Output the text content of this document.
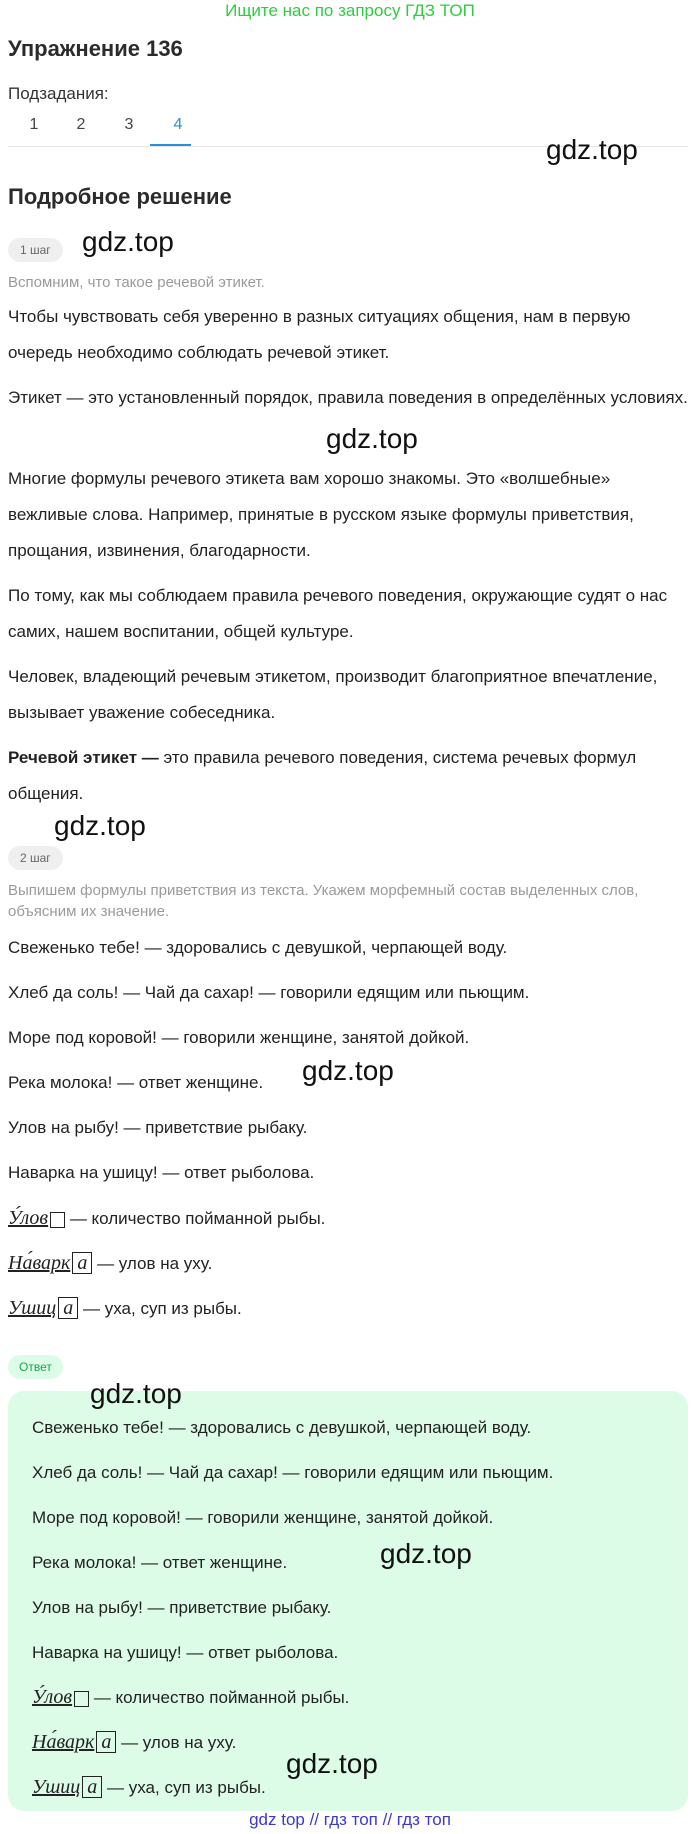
Ищите нас по запросу ГДЗ ТОП
Упражнение 136
Подзадания:
1	2	3	4
gdz.top
Подробное решение
1 шаг	gdz.top
Вспомним, что такое речевой этикет.
Чтобы чувствовать себя уверенно в разных ситуациях общения, нам в первую очередь необходимо соблюдать речевой этикет.
Этикет — это установленный порядок, правила поведения в определённых условиях.
gdz.top
Многие формулы речевого этикета вам хорошо знакомы. Это «волшебные» вежливые слова. Например, принятые в русском языке формулы приветствия, прощания, извинения, благодарности.
По тому, как мы соблюдаем правила речевого поведения, окружающие судят о нас самих, нашем воспитании, общей культуре.
Человек, владеющий речевым этикетом, производит благоприятное впечатление, вызывает уважение собеседника.
Речевой этикет — это правила речевого поведения, система речевых формул общения.
gdz.top
2 шаг
Выпишем формулы приветствия из текста. Укажем морфемный состав выделенных слов, объясним их значение.
Свеженько тебе! — здоровались с девушкой, черпающей воду.
Хлеб да соль! — Чай да сахар! — говорили едящим или пьющим.
Море под коровой! — говорили женщине, занятой дойкой.
Река молока! — ответ женщине.	gdz.top
Улов на рыбу! — приветствие рыбаку.
Наварка на ушицу! — ответ рыболова.
У́лов — количество пойманной рыбы.
На́варк а — улов на уху.
Ушиц а — уха, суп из рыбы.
Ответ
gdz.top
Свеженько тебе! — здоровались с девушкой, черпающей воду.
Хлеб да соль! — Чай да сахар! — говорили едящим или пьющим.
Море под коровой! — говорили женщине, занятой дойкой.
Река молока! — ответ женщине.	gdz.top
Улов на рыбу! — приветствие рыбаку.
Наварка на ушицу! — ответ рыболова.
У́лов — количество пойманной рыбы.
На́варк а — улов на уху.
gdz.top
Ушиц а — уха, суп из рыбы.
gdz top // гдз топ // гдз топ
